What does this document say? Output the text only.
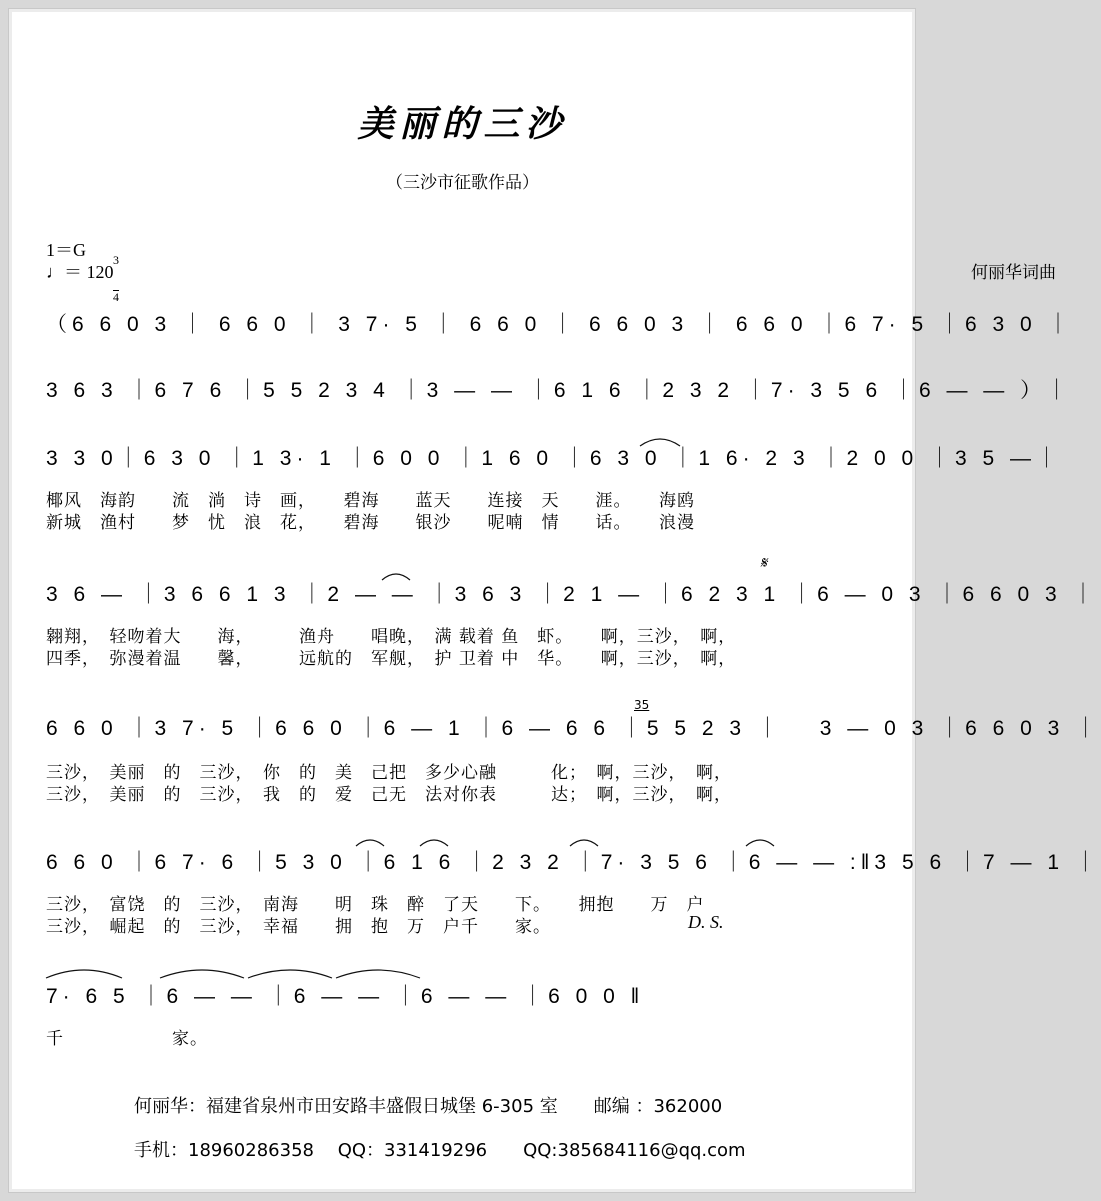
美丽的三沙
（三沙市征歌作品）
1＝G

3

4

♩＝ 120	何丽华词曲
（6 6 0 3 ｜ 6 6 0 ｜ 3 7· 5 ｜ 6 6 0 ｜ 6 6 0 3 ｜ 6 6 0 ｜6 7· 5 ｜6 3 0 ｜
3 6 3 ｜6 7 6 ｜5 5 2 3 4 ｜3 — — ｜6 1 6 ｜2 3 2 ｜7· 3 5 6 ｜6 — — ）｜
3 3 0｜6 3 0 ｜1 3· 1 ｜6 0 0 ｜1 6 0 ｜6 3 0 ｜1 6· 2 3 ｜2 0 0 ｜3 5 —｜
椰风　海韵　　流　淌　诗　画，　　碧海　　蓝天　　连接　天　　涯。　　海鸥
新城　渔村　　梦　忧　浪　花，　　碧海　　银沙　　呢喃　情　　话。　　浪漫
𝄋
3 6 — ｜3 6 6 1 3 ｜2 — — ｜3 6 3 ｜2 1 — ｜6 2 3 1 ｜6 — 0 3 ｜6 6 0 3 ｜
翱翔，　轻吻着大　　海，　　　渔舟　　唱晚，　满 载着 鱼　虾。　　啊，三沙，　啊，
四季，　弥漫着温　　馨，　　　远航的　军舰，　护 卫着 中　华。　　啊，三沙，　啊，
35
6 6 0 ｜3 7· 5 ｜6 6 0 ｜6 — 1 ｜6 — 6 6 ｜5 5 2 3 ｜　 3 — 0 3 ｜6 6 0 3 ｜
三沙，　美丽　的　三沙，　你　的　美　己把　多少心融　　　化；　啊，三沙，　啊，
三沙，　美丽　的　三沙，　我　的　爱　己无　法对你表　　　达；　啊，三沙，　啊，
6 6 0 ｜6 7· 6 ｜5 3 0 ｜6 1 6 ｜2 3 2 ｜7· 3 5 6 ｜6 — — :‖3 5 6 ｜7 — 1 ｜
三沙，　富饶　的　三沙，　南海　　明　珠　醉　了天　　下。　　拥抱　　万　户
三沙，　崛起　的　三沙，　幸福　　拥　抱　万　户千　　家。	D. S.
7· 6 5 ｜6 — — ｜6 — — ｜6 — — ｜6 0 0 ‖
千　　　　　　家。
何丽华：福建省泉州市田安路丰盛假日城堡 6-305 室　　邮编 ：362000
手机：18960286358　 QQ：331419296　　QQ:385684116@qq.com
